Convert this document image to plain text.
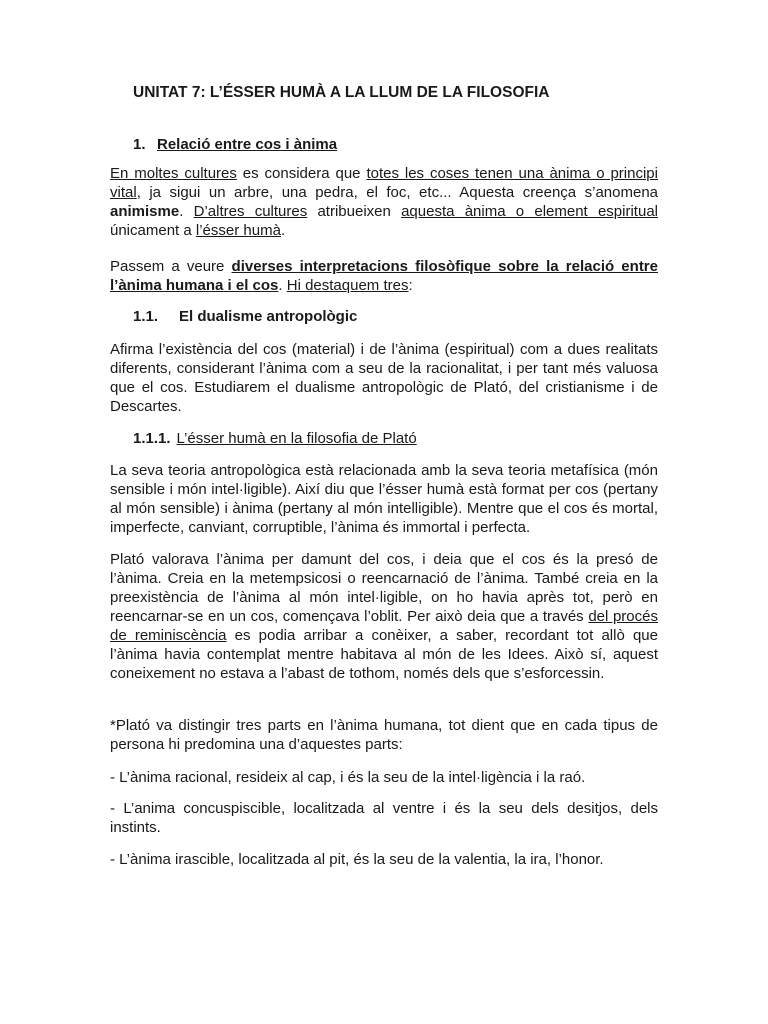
UNITAT 7: L’ÉSSER HUMÀ A LA LLUM DE LA FILOSOFIA
1. Relació entre cos i ànima

En moltes cultures es considera que totes les coses tenen una ànima o principi vital, ja sigui un arbre, una pedra, el foc, etc... Aquesta creença s’anomena animisme. D’altres cultures atribueixen aquesta ànima o element espiritual únicament a l’ésser humà.

Passem a veure diverses interpretacions filosòfique sobre la relació entre l’ànima humana i el cos. Hi destaquem tres:

1.1. El dualisme antropològic

Afirma l’existència del cos (material) i de l’ànima (espiritual) com a dues realitats diferents, considerant l’ànima com a seu de la racionalitat, i per tant més valuosa que el cos. Estudiarem el dualisme antropològic de Plató, del cristianisme i de Descartes.

1.1.1. L’ésser humà en la filosofia de Plató

La seva teoria antropològica està relacionada amb la seva teoria metafísica (món sensible i món intel·ligible). Així diu que l’ésser humà està format per cos (pertany al món sensible) i ànima (pertany al món intelligible). Mentre que el cos és mortal, imperfecte, canviant, corruptible, l’ànima és immortal i perfecta.

Plató valorava l’ànima per damunt del cos, i deia que el cos és la presó de l’ànima. Creia en la metempsicosi o reencarnació de l’ànima. També creia en la preexistència de l’ànima al món intel·ligible, on ho havia après tot, però en reencarnar-se en un cos, començava l’oblit. Per això deia que a través del procés de reminiscència es podia arribar a conèixer, a saber, recordant tot allò que l’ànima havia contemplat mentre habitava al món de les Idees. Això sí, aquest coneixement no estava a l’abast de tothom, només dels que s’esforcessin.

*Plató va distingir tres parts en l’ànima humana, tot dient que en cada tipus de persona hi predomina una d’aquestes parts:

- L’ànima racional, resideix al cap, i és la seu de la intel·ligència i la raó.

- L’anima concuspiscible, localitzada al ventre i és la seu dels desitjos, dels instints.

- L’ànima irascible, localitzada al pit, és la seu de la valentia, la ira, l’honor.
